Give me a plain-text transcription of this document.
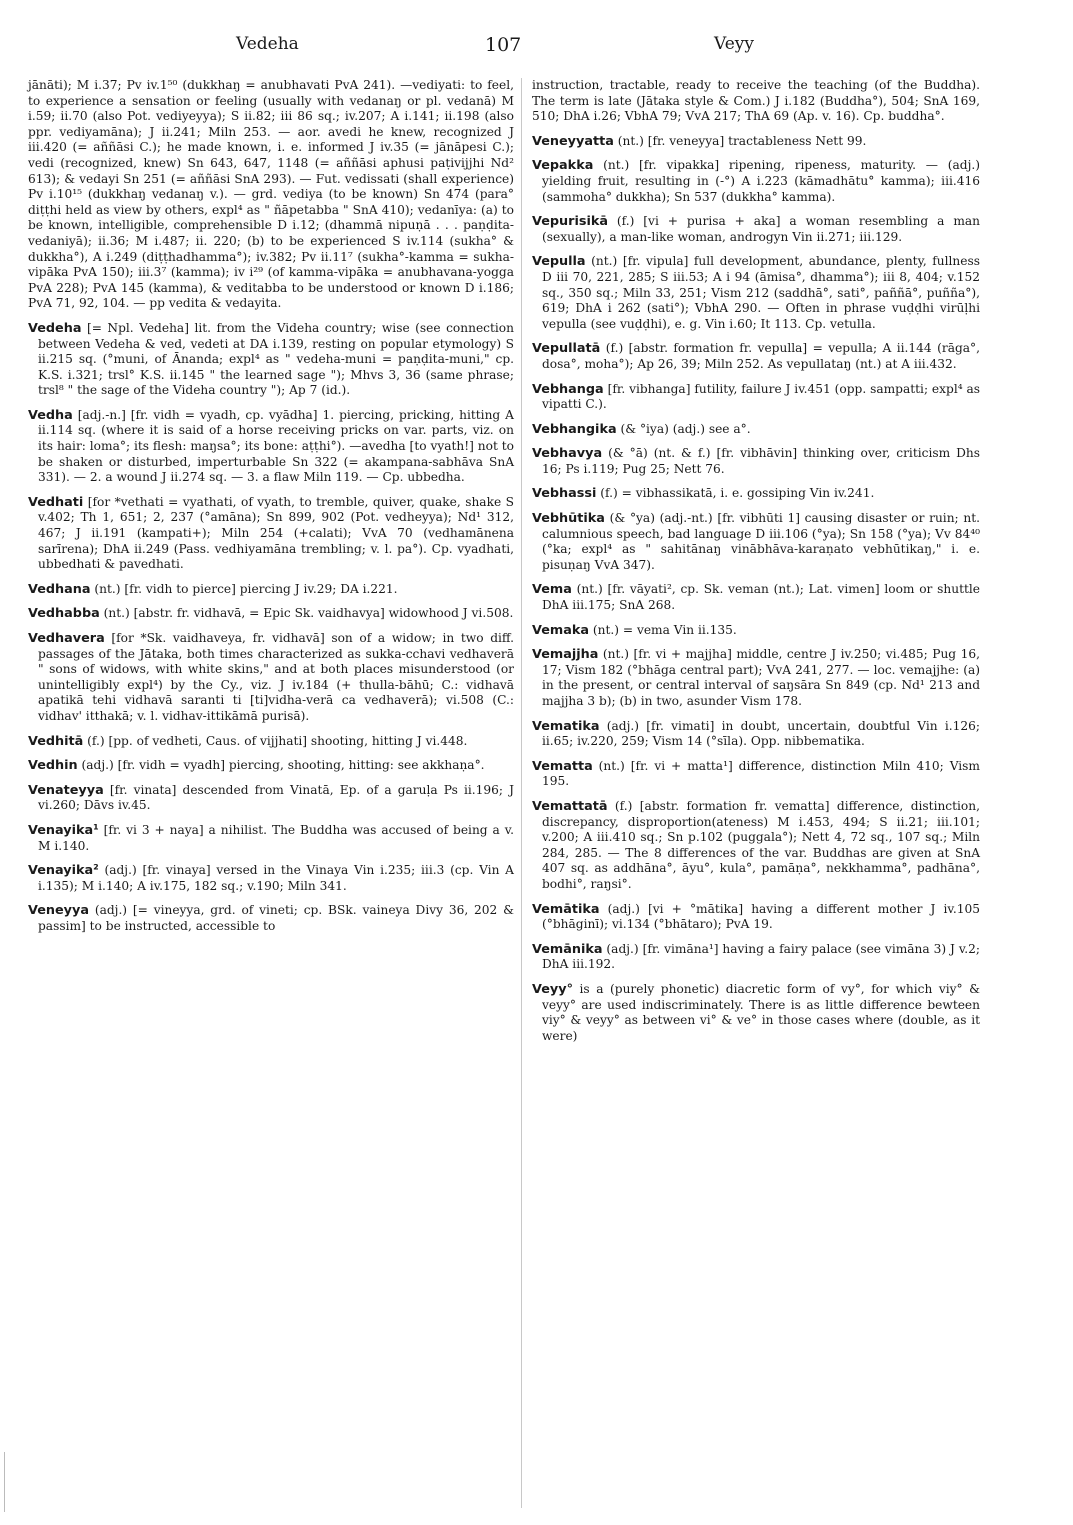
Vedeha	107	Veyy

jānāti); M i.37; Pv iv.1⁵⁰ (dukkhaŋ = anubhavati PvA 241). —vediyati: to feel, to experience a sensation or feeling (usually with vedanaŋ or pl. vedanā) M i.59; ii.70 (also Pot. vediyeyya); S ii.82; iii 86 sq.; iv.207; A i.141; ii.198 (also ppr. vediyamāna); J ii.241; Miln 253. — aor. avedi he knew, recognized J iii.420 (= aññāsi C.); he made known, i. e. informed J iv.35 (= jānāpesi C.); vedi (recognized, knew) Sn 643, 647, 1148 (= aññāsi aphusi paṭivijjhi Nd² 613); & vedayi Sn 251 (= aññāsi SnA 293). — Fut. vedissati (shall experience) Pv i.10¹⁵ (dukkhaŋ vedanaŋ v.). — grd. vediya (to be known) Sn 474 (para° diṭṭhi held as view by others, expl⁴ as " ñāpetabba " SnA 410); vedanīya: (a) to be known, intelligible, comprehensible D i.12; (dhammā nipuṇā . . . paṇḍita-vedaniyā); ii.36; M i.487; ii. 220; (b) to be experienced S iv.114 (sukha° & dukkha°), A i.249 (diṭṭhadhamma°); iv.382; Pv ii.11⁷ (sukha°-kamma = sukha-vipāka PvA 150); iii.3⁷ (kamma); iv i²⁹ (of kamma-vipāka = anubhavana-yogga PvA 228); PvA 145 (kamma), & veditabba to be understood or known D i.186; PvA 71, 92, 104. — pp vedita & vedayita.

Vedeha [= Npl. Vedeha] lit. from the Videha country; wise (see connection between Vedeha & ved, vedeti at DA i.139, resting on popular etymology) S ii.215 sq. (°muni, of Ānanda; expl⁴ as " vedeha-muni = paṇḍita-muni," cp. K.S. i.321; trsl° K.S. ii.145 " the learned sage "); Mhvs 3, 36 (same phrase; trsl⁸ " the sage of the Videha country "); Ap 7 (id.).

Vedha [adj.-n.] [fr. vidh = vyadh, cp. vyādha] 1. piercing, pricking, hitting A ii.114 sq. (where it is said of a horse receiving pricks on var. parts, viz. on its hair: loma°; its flesh: maŋsa°; its bone: aṭṭhi°). —avedha [to vyath!] not to be shaken or disturbed, imperturbable Sn 322 (= akampana-sabhāva SnA 331). — 2. a wound J ii.274 sq. — 3. a flaw Miln 119. — Cp. ubbedha.

Vedhati [for *vethati = vyathati, of vyath, to tremble, quiver, quake, shake S v.402; Th 1, 651; 2, 237 (°amāna); Sn 899, 902 (Pot. vedheyya); Nd¹ 312, 467; J ii.191 (kampati+); Miln 254 (+calati); VvA 70 (vedhamānena sarīrena); DhA ii.249 (Pass. vedhiyamāna trembling; v. l. pa°). Cp. vyadhati, ubbedhati & pavedhati.

Vedhana (nt.) [fr. vidh to pierce] piercing J iv.29; DA i.221.

Vedhabba (nt.) [abstr. fr. vidhavā, = Epic Sk. vaidhavya] widowhood J vi.508.

Vedhavera [for *Sk. vaidhaveya, fr. vidhavā] son of a widow; in two diff. passages of the Jātaka, both times characterized as sukka-cchavi vedhaverā " sons of widows, with white skins," and at both places misunderstood (or unintelligibly expl⁴) by the Cy., viz. J iv.184 (+ thulla-bāhū; C.: vidhavā apatikā tehi vidhavā saranti ti [ti]vidha-verā ca vedhaverā); vi.508 (C.: vidhav' itthakā; v. l. vidhav-ittikāmā purisā).

Vedhitā (f.) [pp. of vedheti, Caus. of vijjhati] shooting, hitting J vi.448.

Vedhin (adj.) [fr. vidh = vyadh] piercing, shooting, hitting: see akkhaṇa°.

Venateyya [fr. vinata] descended from Vinatā, Ep. of a garuḷa Ps ii.196; J vi.260; Dāvs iv.45.

Venayika¹ [fr. vi 3 + naya] a nihilist. The Buddha was accused of being a v. M i.140.

Venayika² (adj.) [fr. vinaya] versed in the Vinaya Vin i.235; iii.3 (cp. Vin A i.135); M i.140; A iv.175, 182 sq.; v.190; Miln 341.

Veneyya (adj.) [= vineyya, grd. of vineti; cp. BSk. vaineya Divy 36, 202 & passim] to be instructed, accessible to

instruction, tractable, ready to receive the teaching (of the Buddha). The term is late (Jātaka style & Com.) J i.182 (Buddha°), 504; SnA 169, 510; DhA i.26; VbhA 79; VvA 217; ThA 69 (Ap. v. 16). Cp. buddha°.

Veneyyatta (nt.) [fr. veneyya] tractableness Nett 99.

Vepakka (nt.) [fr. vipakka] ripening, ripeness, maturity. — (adj.) yielding fruit, resulting in (-°) A i.223 (kāmadhātu° kamma); iii.416 (sammoha° dukkha); Sn 537 (dukkha° kamma).

Vepurisikā (f.) [vi + purisa + aka] a woman resembling a man (sexually), a man-like woman, androgyn Vin ii.271; iii.129.

Vepulla (nt.) [fr. vipula] full development, abundance, plenty, fullness D iii 70, 221, 285; S iii.53; A i 94 (āmisa°, dhamma°); iii 8, 404; v.152 sq., 350 sq.; Miln 33, 251; Vism 212 (saddhā°, sati°, paññā°, puñña°), 619; DhA i 262 (sati°); VbhA 290. — Often in phrase vuḍḍhi virūḷhi vepulla (see vuḍḍhi), e. g. Vin i.60; It 113. Cp. vetulla.

Vepullatā (f.) [abstr. formation fr. vepulla] = vepulla; A ii.144 (rāga°, dosa°, moha°); Ap 26, 39; Miln 252. As vepullataŋ (nt.) at A iii.432.

Vebhanga [fr. vibhanga] futility, failure J iv.451 (opp. sampatti; expl⁴ as vipatti C.).

Vebhangika (& °iya) (adj.) see a°.

Vebhavya (& °ā) (nt. & f.) [fr. vibhāvin] thinking over, criticism Dhs 16; Ps i.119; Pug 25; Nett 76.

Vebhassi (f.) = vibhassikatā, i. e. gossiping Vin iv.241.

Vebhūtika (& °ya) (adj.-nt.) [fr. vibhūti 1] causing disaster or ruin; nt. calumnious speech, bad language D iii.106 (°ya); Sn 158 (°ya); Vv 84⁴⁰ (°ka; expl⁴ as " sahitānaŋ vinābhāva-karaṇato vebhūtikaŋ," i. e. pisuṇaŋ VvA 347).

Vema (nt.) [fr. vāyati², cp. Sk. veman (nt.); Lat. vimen] loom or shuttle DhA iii.175; SnA 268.

Vemaka (nt.) = vema Vin ii.135.

Vemajjha (nt.) [fr. vi + majjha] middle, centre J iv.250; vi.485; Pug 16, 17; Vism 182 (°bhāga central part); VvA 241, 277. — loc. vemajjhe: (a) in the present, or central interval of saŋsāra Sn 849 (cp. Nd¹ 213 and majjha 3 b); (b) in two, asunder Vism 178.

Vematika (adj.) [fr. vimati] in doubt, uncertain, doubtful Vin i.126; ii.65; iv.220, 259; Vism 14 (°sīla). Opp. nibbematika.

Vematta (nt.) [fr. vi + matta¹] difference, distinction Miln 410; Vism 195.

Vemattatā (f.) [abstr. formation fr. vematta] difference, distinction, discrepancy, disproportion(ateness) M i.453, 494; S ii.21; iii.101; v.200; A iii.410 sq.; Sn p.102 (puggala°); Nett 4, 72 sq., 107 sq.; Miln 284, 285. — The 8 differences of the var. Buddhas are given at SnA 407 sq. as addhāna°, āyu°, kula°, pamāṇa°, nekkhamma°, padhāna°, bodhi°, raŋsi°.

Vemātika (adj.) [vi + °mātika] having a different mother J iv.105 (°bhāginī); vi.134 (°bhātaro); PvA 19.

Vemānika (adj.) [fr. vimāna¹] having a fairy palace (see vimāna 3) J v.2; DhA iii.192.

Veyy° is a (purely phonetic) diacretic form of vy°, for which viy° & veyy° are used indiscriminately. There is as little difference bewteen viy° & veyy° as between vi° & ve° in those cases where (double, as it were)
